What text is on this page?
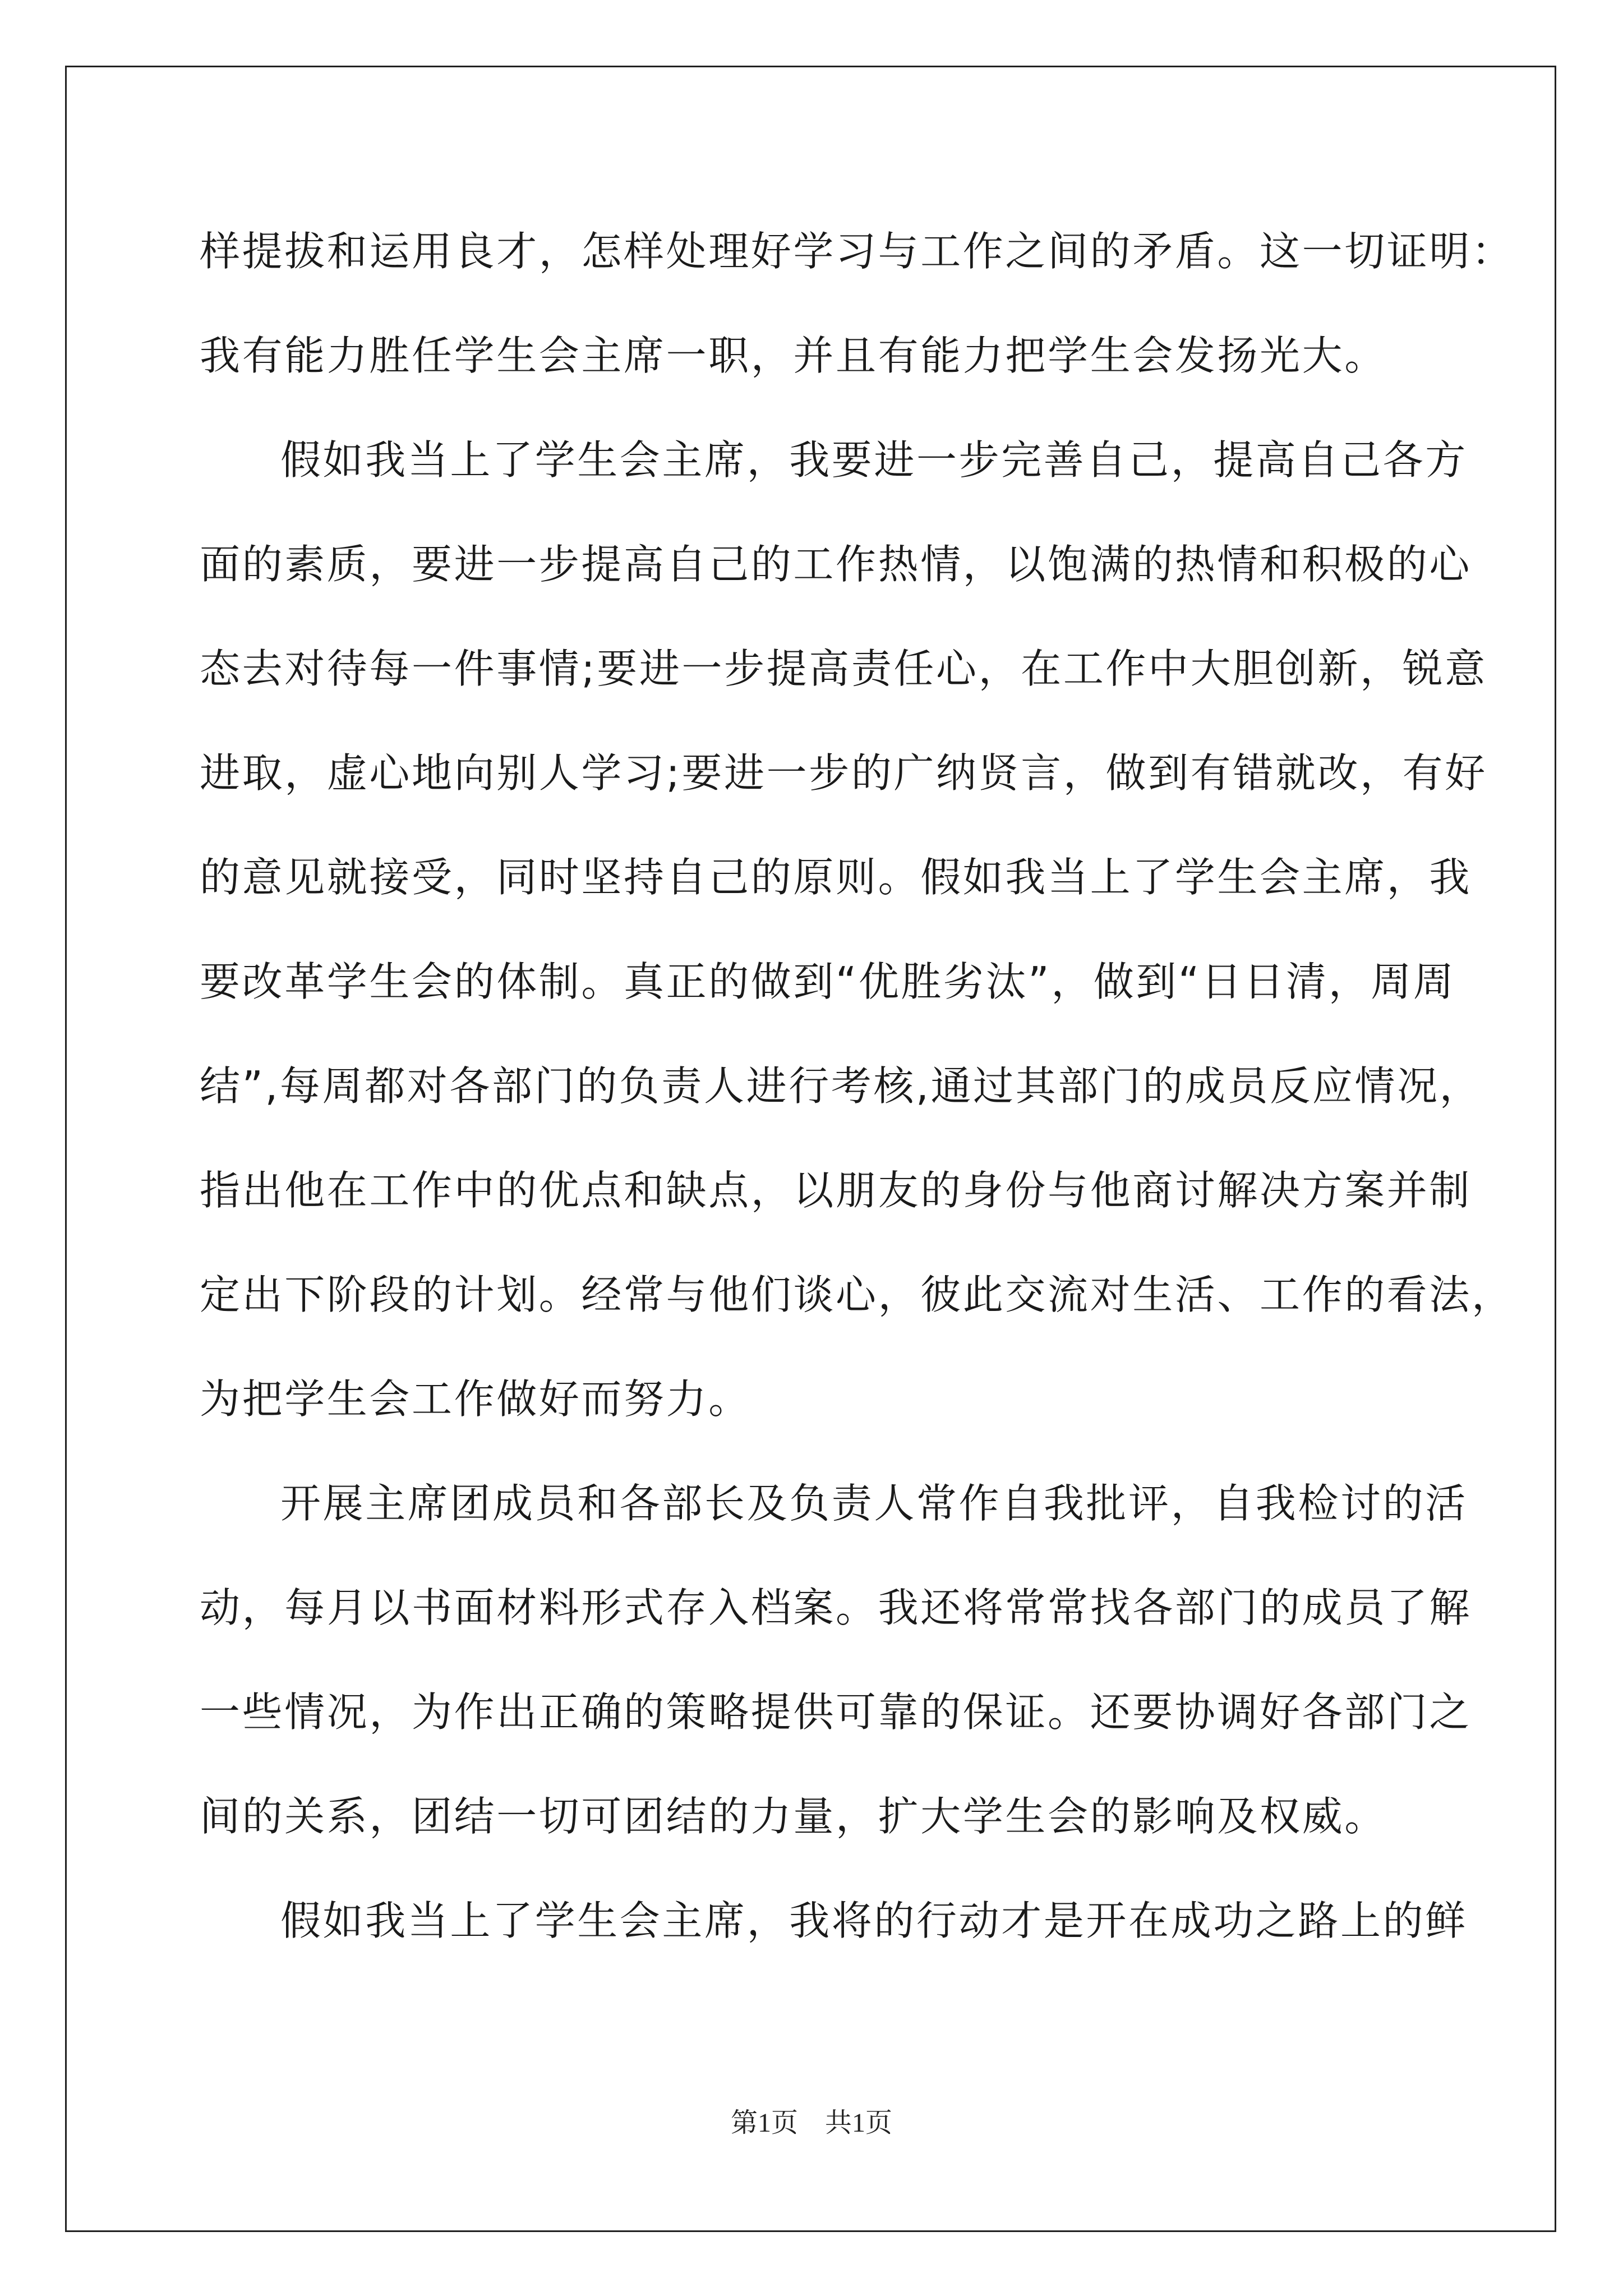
样提拔和运用良才，怎样处理好学习与工作之间的矛盾。这一切证明：
我有能力胜任学生会主席一职，并且有能力把学生会发扬光大。
假如我当上了学生会主席，我要进一步完善自己，提高自己各方
面的素质，要进一步提高自己的工作热情，以饱满的热情和积极的心
态去对待每一件事情;要进一步提高责任心，在工作中大胆创新，锐意
进取，虚心地向别人学习;要进一步的广纳贤言，做到有错就改，有好
的意见就接受，同时坚持自己的原则。假如我当上了学生会主席，我
要改革学生会的体制。真正的做到“优胜劣汰”，做到“日日清，周周
结”,每周都对各部门的负责人进行考核,通过其部门的成员反应情况，
指出他在工作中的优点和缺点，以朋友的身份与他商讨解决方案并制
定出下阶段的计划。经常与他们谈心，彼此交流对生活、工作的看法，
为把学生会工作做好而努力。
开展主席团成员和各部长及负责人常作自我批评，自我检讨的活
动，每月以书面材料形式存入档案。我还将常常找各部门的成员了解
一些情况，为作出正确的策略提供可靠的保证。还要协调好各部门之
间的关系，团结一切可团结的力量，扩大学生会的影响及权威。
假如我当上了学生会主席，我将的行动才是开在成功之路上的鲜
第1页　共1页
